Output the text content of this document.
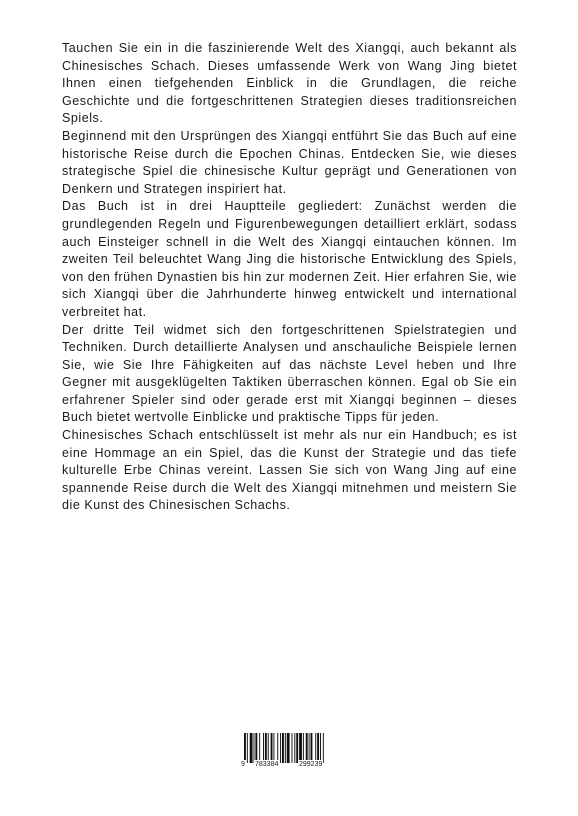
Tauchen Sie ein in die faszinierende Welt des Xiangqi, auch bekannt als Chinesisches Schach. Dieses umfassende Werk von Wang Jing bietet Ihnen einen tiefgehenden Einblick in die Grundlagen, die reiche Geschichte und die fortgeschrittenen Strategien dieses traditionsreichen Spiels.

Beginnend mit den Ursprüngen des Xiangqi entführt Sie das Buch auf eine historische Reise durch die Epochen Chinas. Entdecken Sie, wie dieses strategische Spiel die chinesische Kultur geprägt und Generationen von Denkern und Strategen inspiriert hat.

Das Buch ist in drei Hauptteile gegliedert: Zunächst werden die grundlegenden Regeln und Figurenbewegungen detailliert erklärt, sodass auch Einsteiger schnell in die Welt des Xiangqi eintauchen können. Im zweiten Teil beleuchtet Wang Jing die historische Entwicklung des Spiels, von den frühen Dynastien bis hin zur modernen Zeit. Hier erfahren Sie, wie sich Xiangqi über die Jahrhunderte hinweg entwickelt und international verbreitet hat.

Der dritte Teil widmet sich den fortgeschrittenen Spielstrategien und Techniken. Durch detaillierte Analysen und anschauliche Beispiele lernen Sie, wie Sie Ihre Fähigkeiten auf das nächste Level heben und Ihre Gegner mit ausgeklügelten Taktiken überraschen können. Egal ob Sie ein erfahrener Spieler sind oder gerade erst mit Xiangqi beginnen – dieses Buch bietet wertvolle Einblicke und praktische Tipps für jeden.

Chinesisches Schach entschlüsselt ist mehr als nur ein Handbuch; es ist eine Hommage an ein Spiel, das die Kunst der Strategie und das tiefe kulturelle Erbe Chinas vereint. Lassen Sie sich von Wang Jing auf eine spannende Reise durch die Welt des Xiangqi mitnehmen und meistern Sie die Kunst des Chinesischen Schachs.

9 783384	299239
